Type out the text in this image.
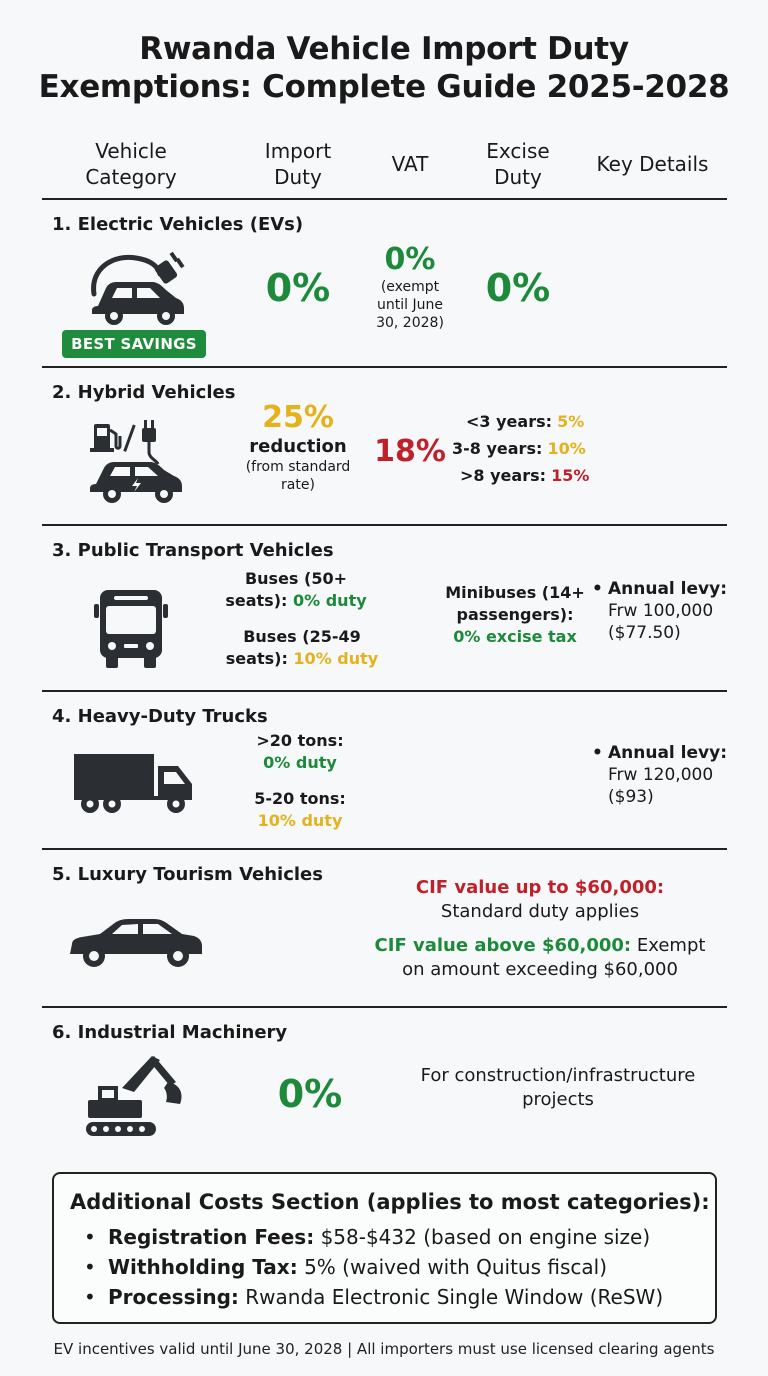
Rwanda Vehicle Import Duty
Exemptions: Complete Guide 2025-2028
Vehicle
Category
Import
Duty
VAT
Excise
Duty
Key Details
1. Electric Vehicles (EVs)
BEST SAVINGS
0%
0%
(exempt
until June
30, 2028)
0%
2. Hybrid Vehicles
25%
reduction
(from standard
rate)
18%
<3 years: 5%
3-8 years: 10%
>8 years: 15%
3. Public Transport Vehicles
Buses (50+
seats): 0% duty
Buses (25-49
seats): 10% duty
Minibuses (14+
passengers):
0% excise tax
• Annual levy:
Frw 100,000
($77.50)
4. Heavy-Duty Trucks
>20 tons:
0% duty
5-20 tons:
10% duty
• Annual levy:
Frw 120,000
($93)
5. Luxury Tourism Vehicles
CIF value up to $60,000:
Standard duty applies
CIF value above $60,000: Exempt
on amount exceeding $60,000
6. Industrial Machinery
0%	For construction/infrastructure
projects
Additional Costs Section (applies to most categories):
• Registration Fees: $58-$432 (based on engine size)
• Withholding Tax: 5% (waived with Quitus fiscal)
• Processing: Rwanda Electronic Single Window (ReSW)
EV incentives valid until June 30, 2028 | All importers must use licensed clearing agents
